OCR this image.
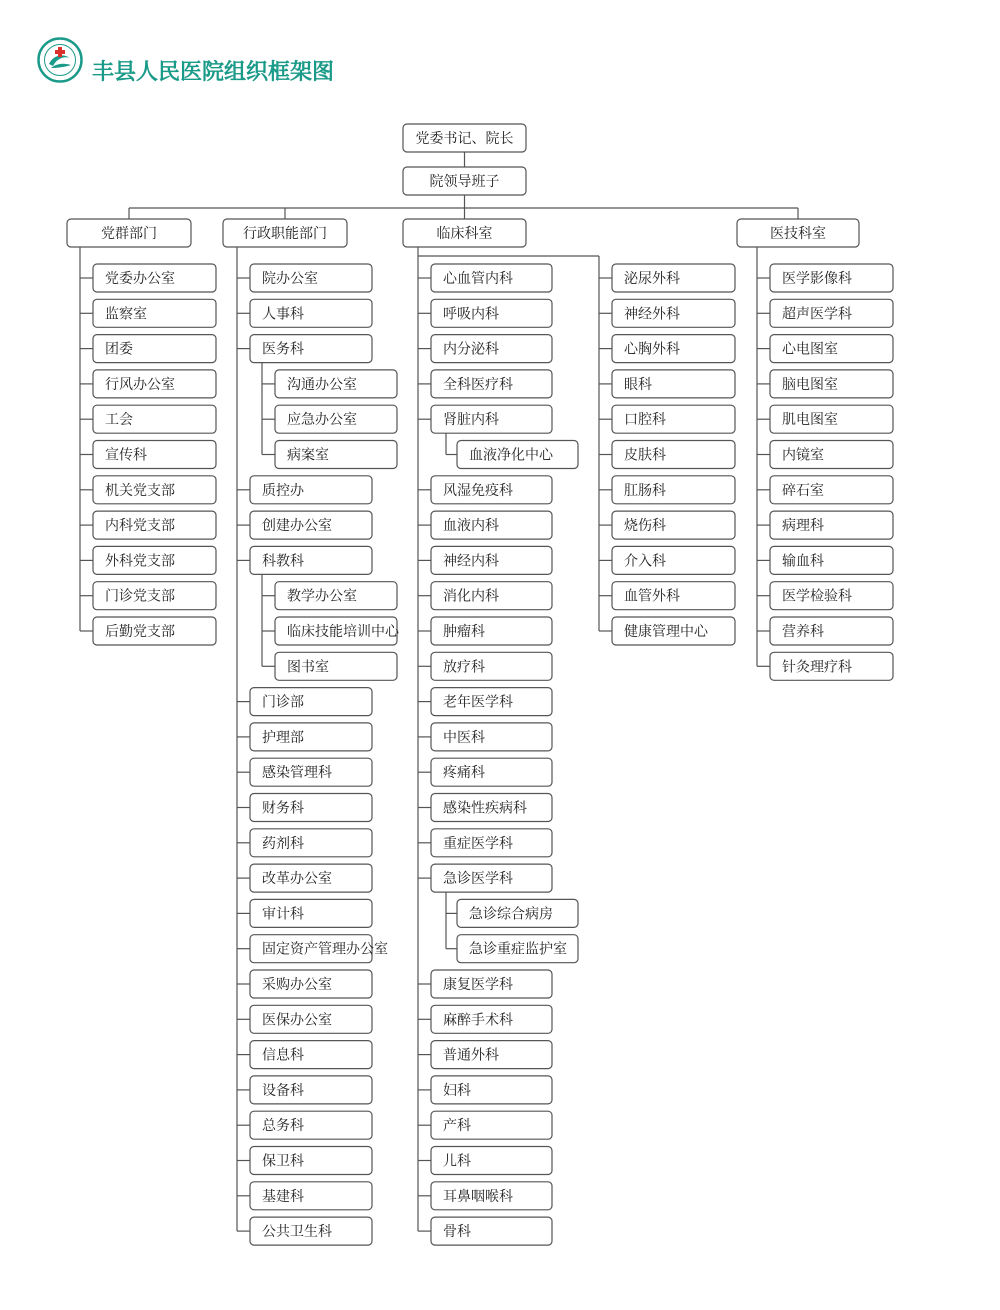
丰县人民医院组织框架图
党委书记、院长
院领导班子
党群部门	行政职能部门	临床科室	医技科室
党委办公室
监察室
团委
行风办公室
工会
宣传科
机关党支部
内科党支部
外科党支部
门诊党支部
后勤党支部
院办公室
人事科
医务科
沟通办公室
应急办公室
病案室
质控办
创建办公室
科教科
教学办公室
临床技能培训中心
图书室
门诊部
护理部
感染管理科
财务科
药剂科
改革办公室
审计科
固定资产管理办公室
采购办公室
医保办公室
信息科
设备科
总务科
保卫科
基建科
公共卫生科
心血管内科
呼吸内科
内分泌科
全科医疗科
肾脏内科
血液净化中心
风湿免疫科
血液内科
神经内科
消化内科
肿瘤科
放疗科
老年医学科
中医科
疼痛科
感染性疾病科
重症医学科
急诊医学科
急诊综合病房
急诊重症监护室
康复医学科
麻醉手术科
普通外科
妇科
产科
儿科
耳鼻咽喉科
骨科
医学影像科
超声医学科
心电图室
脑电图室
肌电图室
内镜室
碎石室
病理科
输血科
医学检验科
营养科
针灸理疗科
泌尿外科
神经外科
心胸外科
眼科
口腔科
皮肤科
肛肠科
烧伤科
介入科
血管外科
健康管理中心
